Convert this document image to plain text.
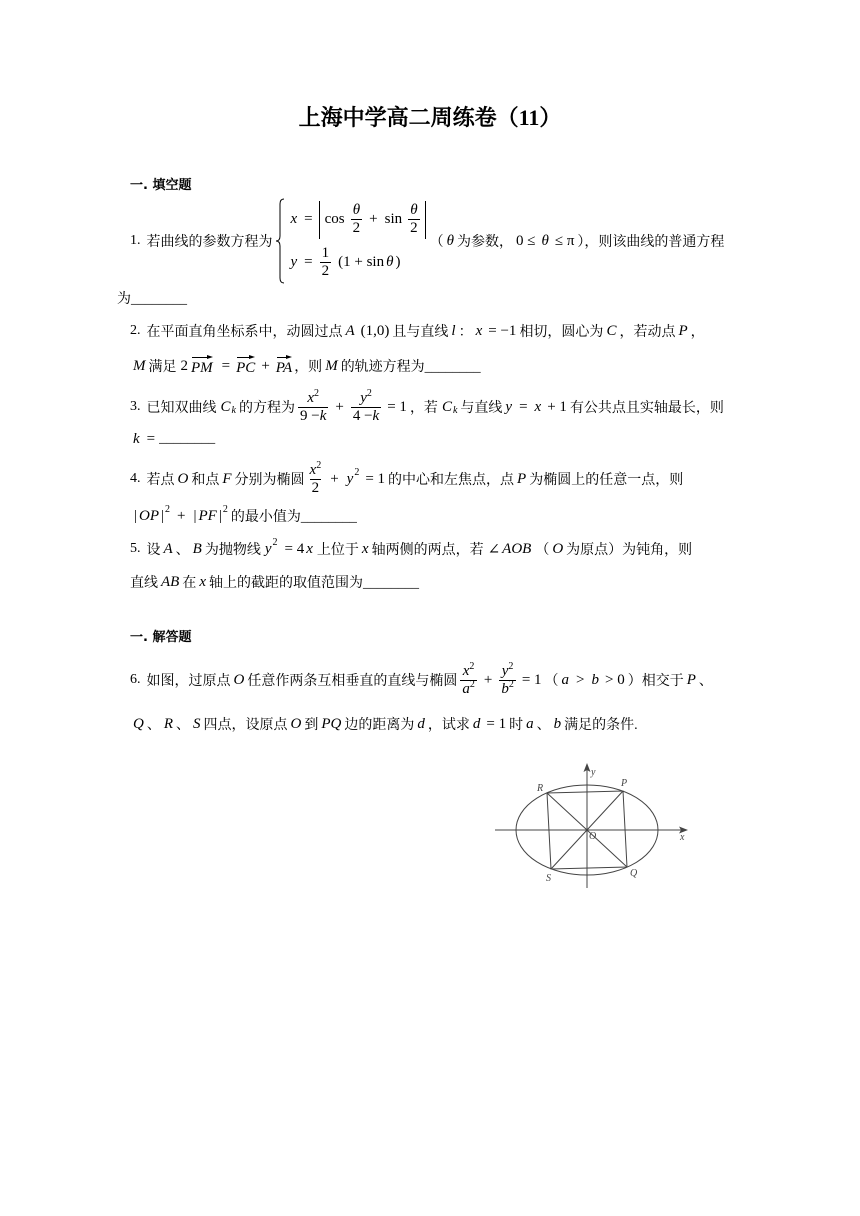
上海中学高二周练卷（11）
一. 填空题
1. 若曲线的参数方程为
$x = \cos \frac{\theta}{2} + \sin \frac{\theta}{2}$
$y = \frac{1}{2} (1 + \sin \theta$ )
（ θ 为参数， 0 ≤ θ ≤ π ），则该曲线的普通方程
为________
2. 在平面直角坐标系中，动圆过点 A (1,0) 且与直线 l ： x = −1 相切，圆心为 C ，若动点 P ，
M 满足 2 PM = PC + PA ，则 M 的轨迹方程为________
3. 已知双曲线 $C_k$ 的方程为 $\frac{x^2}{9 -k} + \frac{y^2}{4 -k} = 1$ ，若 $C_k$ 与直线 y = x + 1 有公共点且实轴最长，则
k = ________
4. 若点 O 和点 F 分别为椭圆 $\frac{x^2}{2} + y^2 = 1$ 的中心和左焦点，点 P 为椭圆上的任意一点，则
| OP $|^2$ + | PF $|^2$
的最小值为________
5. 设 A 、 B 为抛物线 $y^2 = 4$ x 上位于 x 轴两侧的两点，若 ∠ AOB （ O 为原点）为钝角，则
直线 AB 在 x 轴上的截距的取值范围为________
一. 解答题
6. 如图，过原点 O 任意作两条互相垂直的直线与椭圆 $\frac{x^2}{a^2} + \frac{y^2}{b^2} = 1$ （ a > b > 0 ）相交于 P 、
Q 、 R 、 S 四点，设原点 O 到 PQ 边的距离为 d ，试求 d = 1 时 a 、 b 满足的条件.
y
x
O
R	P
Q
S
